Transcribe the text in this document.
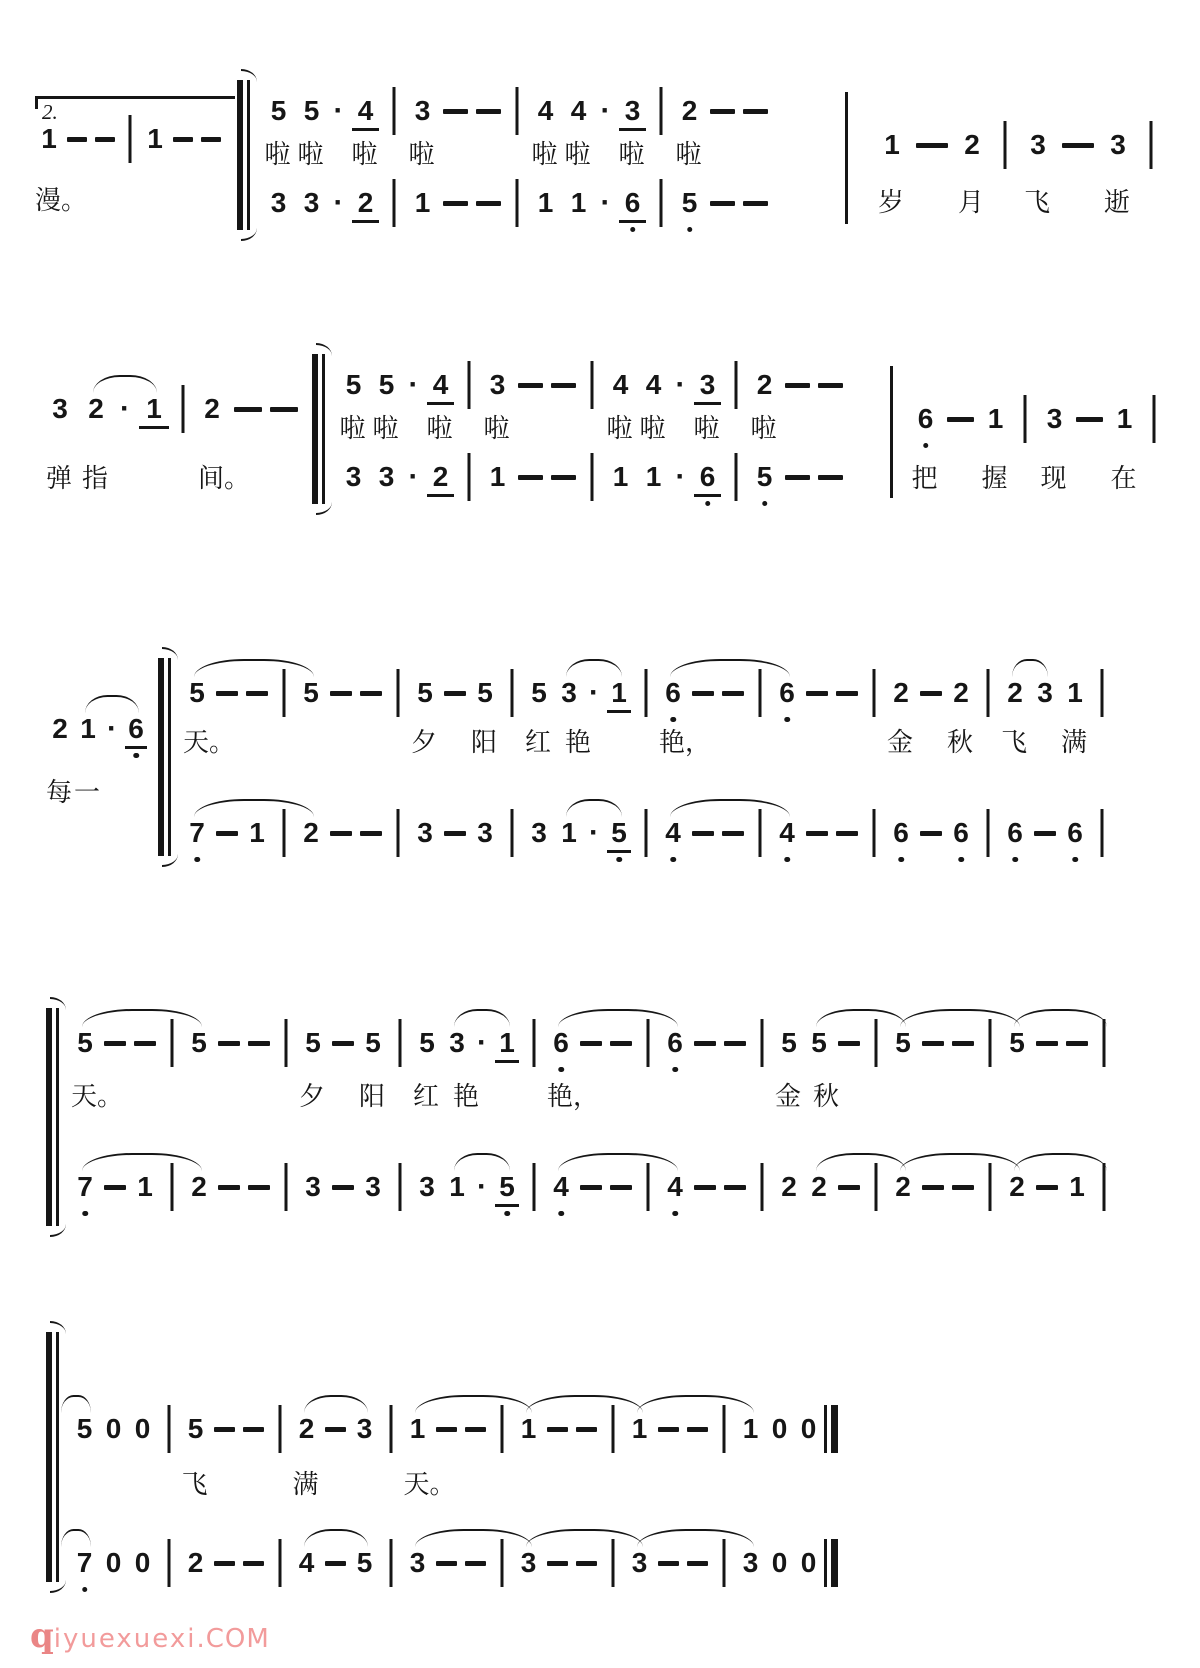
2.
1	1
5 5 · 4	3	4 4 · 3	2
3 3 · 2	1	1 1 · 6	5
1	2	3	3
漫。
啦 啦 啦 啦	啦 啦 啦 啦
岁 月 飞 逝
3 2 · 1	2
5 5 · 4	3	4 4 · 3	2
3 3 · 2	1	1 1 · 6	5
6	1	3	1
弹 指	间。
啦 啦 啦 啦	啦 啦 啦 啦
把 握 现 在
2 1 · 6
5	5	5 5 5 3 · 1 6	6	2 2 2 3 1
7 1 2	3 3 3 1 · 5 4	4	6 6 6 6
每 一
天。	夕 阳 红 艳	艳，	金 秋 飞 满
5	5	5 5 5 3 · 1 6	6	5 5 5	5
7 1 2	3 3 3 1 · 5 4	4	2 2 2	2 1
天。	夕 阳 红 艳	艳，	金 秋
5 0 0 5	2 3 1	1	1	1 0 0
7 0 0 2	4 5 3	3	3	3 0 0
飞	满	天。
qiyuexuexi.COM
